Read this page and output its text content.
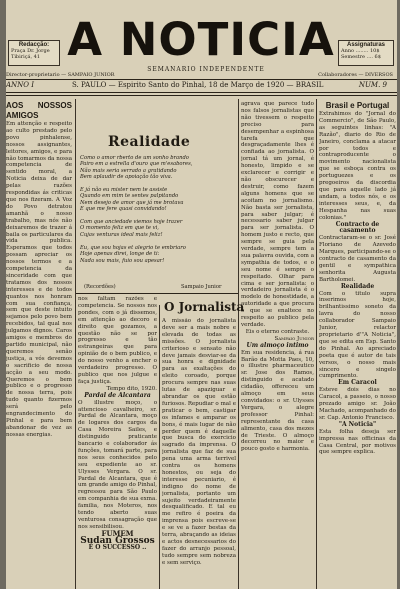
Redacção:
Praça Dr. Jorge
Tibiriçá, 41 A NOTICIA	Assignaturas
Anno ........ 10$
Semestre .... 6$
SEMANARIO INDEPENDENTE
Director-proprietario — SAMPAIO JUNIOR	Collaboradores — DIVERSOS
ANNO I	S. PAULO — Espirito Santo do Pinhal, 18 de Março de 1920 — BRASIL	NUM. 9
AOS NOSSOS AMIGOS

Em attenção e respeito ao culto prestado pelo povo pinhalense, nossos assignantes, leitores, amigos, e para não tomarmos da nossa competencia de sentido moral, a Noticia deixa de dar pelas razões respondidas ás criticas que nos fizeram. A Voz do Povo detratou amanhã o nosso trabalho, mas nós não deixaremos de trazer á baila os particulares da vida publica. Esperamos que todos possam apreciar os nossos termos e a competencia da sinceridade com que tratamos dos nossos interesses e de todos quantos nos honram com sua confiança, sem que deste intuito sejamos pelo povo bem recebidos, tal qual nos julgamos dignos. Caros amigos e membros do partido municipal, não queremos senão justiça, a vós devemos o sacrificio de nossa acção a seu modo. Queremos o bem publico e o progresso de nossa terra, pois tudo quanto fizermos será pelo engrandecimento do Pinhal e para bem abandonar de vez as nossas energias.

Realidade
Como o amor rberto de um sonho brando
Pairo em a estrella d'ouro que m'esabores,
Não mais seria serrado a gratidando
Bem aplaudir de apoiação tão viva.

E já não eu mister nem te assiste
Quando em mim te sentes palpitando
Nem desejo de amor que já me brotava
E que me fere quasi convidando!

Com que anciedade viemos hoje trazer
O momento feliz em que te vi,
Cujas venturas ideal mais feliz!

Eu, que sou hojas et alegrio te embriaro
Hoje apenas direi, longe de ti:
Nada sou mais, fuio sou apesar!
(Recordões)	Sampaio Junior

nos faltam razões e competencia. Se nossos nos pondes, com o já dissemos, em attenção ao decoro e direito que gozamos, a questão não se por progresso e tão estrangeiras que para opinião de o bem publico, e do nosso venho a encher o verdadeiro progresso. O publico que nos julgue e faça justiça.

Tempo dito, 1920.

Pardal de Alcantara

O illustre moço, o attencioso cavalheiro, sr. Pardal de Alcantara, moço de logares dos cargos da Casa Moreira Sailes, e distinguido praticante bancario e colaborador ás funções, tomará parte, para nos seus conhecidos pelo seu expediente ao sr. Ulysses Vergara. O sr. Pardal de Alcantara, que é um grande amigo do Pinhal, regressou para São Paulo em companhia de sua exma. familia, nos Moteros, nos tendo aberto suas venturosa consagração que nos sensibilisou.

FUMEM
Sudan Grossos
É O SUCCESSO ..
O Jornalista

A missão do jornalista deve ser a mais nobre e elevada de todas as missões. O jornalista criterioso e sensato não deve jamais desviar-se da sua honra e dignidade para as exaltações do eleito coroado, porque procura sempre nas suas lutas de apaziguar e abrandar os que estão furiosos. Repudiar o mal e praticar o bem, castigar os infames e amparar os bons, é mais lugar de não perder quem é daquelle que busca do exercicio sagrado da imprensa. O jornalista que faz de sua pena uma arma terrivel contra os homens honestos, ou seja do interesse pecuniario, é indigno do nome de jornalista, portanto um sujeito verdadeiramente desqualificado. E tal eu me refiro é poeira da imprensa pois escreve-se e se ve a fazer bestas da terra, abraçando as ideias e actos desnecessarios do fazer do arranjo pessoal, tudo sempre sem nobreza e sem serviço.

agrava que parece tudo nos falsos jornalistas que não tivessem o respeito preciso para desempenhar a espinhosa tarefa que desgraçadamente lhes é confiada ao jornalista. O jornal tá um jornal, é honesto, limpido e se exclarecer e corrigir e não obscurecer e destruir, como fazem alguns homens que se acoitam no jornalismo. Não basta ser jornalista, para saber julgar; é necessario saber julgar para ser jornalista. O homem justo e recto, que sempre se guia pela verdade, sempre tem a sua palavra ouvida, com a sympathia de todos, e o seu nome é sempre o respeitado. Olhar para cima e ser jornalista: o verdadeiro jornalista é o modelo de honestidade, a autoridade a que procura e que se enaltece no respeito ao publico pela verdade.

Eis o eterno contraste.

Sampaio Junior

Um almoço intimo

Em sua residencia, á rua Barão da Motta Paes, 10, o illustre pharmaceutico sr. Jose dos Ramos, distinguido e acatado cidadão, offereceu um almoço em seus convidados: o sr. Ulysses Vergara, o alegre professor Pinhal: representante da casa alimento, casa dos mezes de Trieste. O almoço decorreu no maior e pouco gosto e harmonia.

Brasil e Portugal

Extrahimos do "Jornal do Commercio", de São Paulo, as seguintes linhas: "A Razão", diario do Rio de Janeiro, conclama a atacar por todos e contraproducente o movimento nacionalista que se esboça contra os portuguezes e os pregoeiros da discordia que para aquelle lado já andam, a todos nós, e os interesses seus, e, da Hespanha nas suas colonias."

Contracto de casamento

Contractaram-se o sr. José Floriano de Azevedo Marques, participando-se o contracto de casamento da gentil e sympathica senhorita Augusta Bartholomei.

Realidade

Com o titulo supra inserimos hoje, brilhantissimo soneto da lavra do nosso collaborador Sampaio Junior, relactor proprietario d'"A Noticia", que se edita em Esp. Santo do Pinhal. Ao apreciado poeta que é autor de tais versos, o nosso mais sincero e singelo cumprimento.

Em Caracol

Esteve dois dias no Caracol, a passeio, o nosso prezado amigo sr. João Machado, acompanhado do sr. Cap. Antonio Francisco.

"A Noticia"

Esta folha deseja ser impressa nas officinas da Casa Central, por motivos que sempre explica.
